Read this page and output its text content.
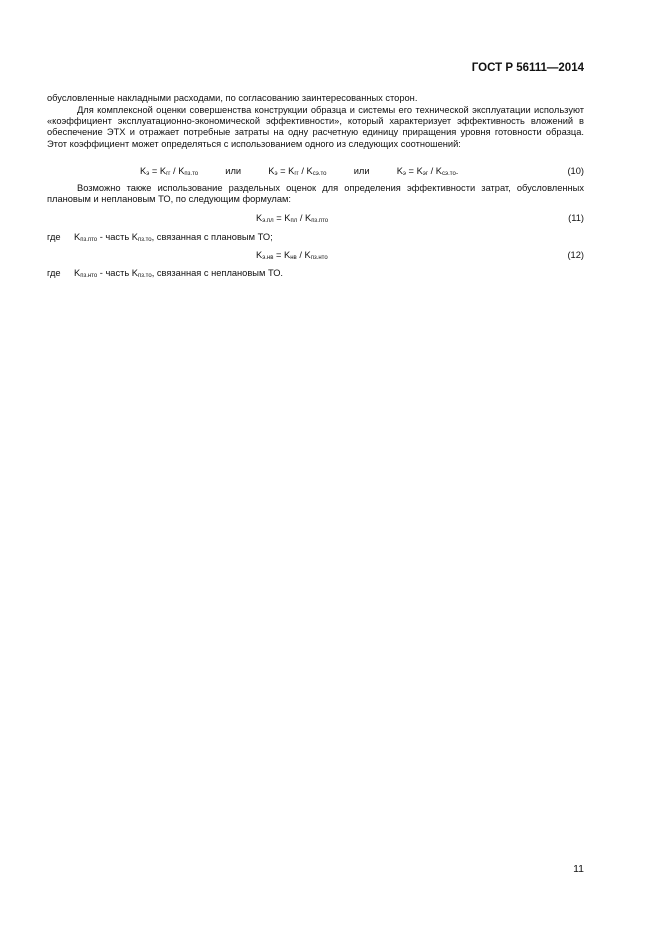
ГОСТ Р 56111—2014
обусловленные накладными расходами, по согласованию заинтересованных сторон.
Для комплексной оценки совершенства конструкции образца и системы его технической эксплуатации используют «коэффициент эксплуатационно-экономической эффективности», который характеризует эффективность вложений в обеспечение ЭТХ и отражает потребные затраты на одну расчетную единицу приращения уровня готовности образца. Этот коэффициент может определяться с использованием одного из следующих соотношений:
$K_э = K_{гг} / K_{пз.то}$	или	$K_э = K_{гг} / K_{сэ.то}$	или	$K_э = K_{эг} / K_{сэ.то}$.	(10)
Возможно также использование раздельных оценок для определения эффективности затрат, обусловленных плановым и неплановым ТО, по следующим формулам:
$K_{э.пл} = K_{пл} / K_{пз.пто}$	(11)
где $K_{пз.пто}$ - часть $K_{пз.то}$, связанная с плановым ТО;
$K_{э.нв} = K_{нв} / K_{пз.нто}$	(12)
где $K_{пз.нто}$ - часть $K_{пз.то}$, связанная с неплановым ТО.
11
